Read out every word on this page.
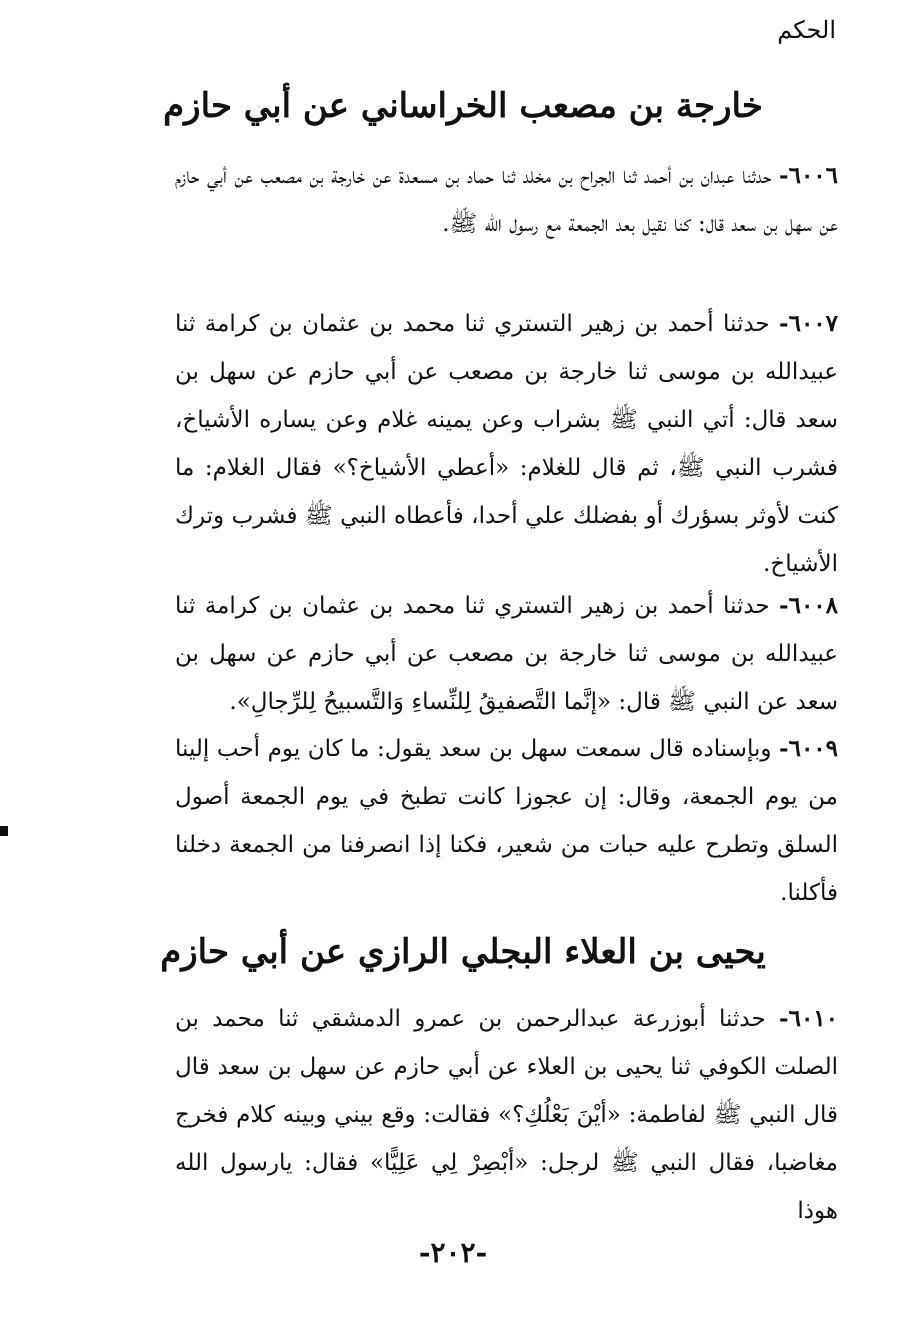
الحكم
خارجة بن مصعب الخراساني عن أبي حازم
٦٠٠٦- حدثنا عبدان بن أحمد ثنا الجراح بن مخلد ثنا حماد بن مسعدة عن خارجة بن مصعب عن أبي حازم عن سهل بن سعد قال: كنا نقيل بعد الجمعة مع رسول الله ﷺ.
٦٠٠٧- حدثنا أحمد بن زهير التستري ثنا محمد بن عثمان بن كرامة ثنا عبيدالله بن موسى ثنا خارجة بن مصعب عن أبي حازم عن سهل بن سعد قال: أتي النبي ﷺ بشراب وعن يمينه غلام وعن يساره الأشياخ، فشرب النبي ﷺ، ثم قال للغلام: «أعطي الأشياخ؟» فقال الغلام: ما كنت لأوثر بسؤرك أو بفضلك علي أحدا، فأعطاه النبي ﷺ فشرب وترك الأشياخ.
٦٠٠٨- حدثنا أحمد بن زهير التستري ثنا محمد بن عثمان بن كرامة ثنا عبيدالله بن موسى ثنا خارجة بن مصعب عن أبي حازم عن سهل بن سعد عن النبي ﷺ قال: «إنَّما التَّصفيقُ لِلنِّساءِ وَالتَّسبيحُ لِلرِّجالِ».
٦٠٠٩- وبإسناده قال سمعت سهل بن سعد يقول: ما كان يوم أحب إلينا من يوم الجمعة، وقال: إن عجوزا كانت تطبخ في يوم الجمعة أصول السلق وتطرح عليه حبات من شعير، فكنا إذا انصرفنا من الجمعة دخلنا فأكلنا.
يحيى بن العلاء البجلي الرازي عن أبي حازم
٦٠١٠- حدثنا أبوزرعة عبدالرحمن بن عمرو الدمشقي ثنا محمد بن الصلت الكوفي ثنا يحيى بن العلاء عن أبي حازم عن سهل بن سعد قال قال النبي ﷺ لفاطمة: «أيْنَ بَعْلُكِ؟» فقالت: وقع بيني وبينه كلام فخرج مغاضبا، فقال النبي ﷺ لرجل: «أبْصِرْ لِي عَلِيًّا» فقال: يارسول الله هوذا
-٢٠٢-
